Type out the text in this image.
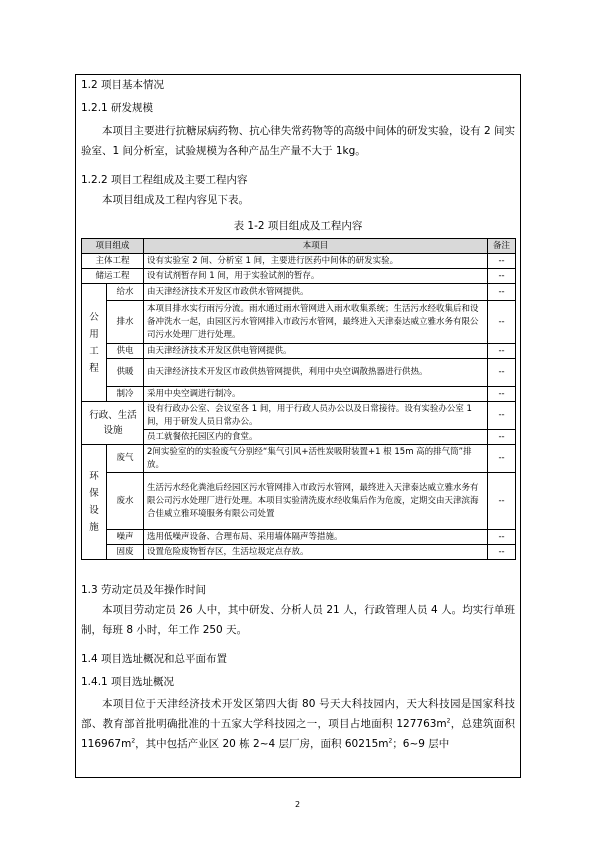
1.2 项目基本情况
1.2.1 研发规模
本项目主要进行抗糖尿病药物、抗心律失常药物等的高级中间体的研发实验，设有 2 间实验室、1 间分析室，试验规模为各种产品生产量不大于 1kg。
1.2.2 项目工程组成及主要工程内容
本项目组成及工程内容见下表。
表 1-2 项目组成及工程内容
项目组成		本项目	备注
主体工程		设有实验室 2 间、分析室 1 间，主要进行医药中间体的研发实验。	--
储运工程		设有试剂暂存间 1 间，用于实验试剂的暂存。	--
公用工程	给水	由天津经济技术开发区市政供水管网提供。	--
	排水	本项目排水实行雨污分流。雨水通过雨水管网进入雨水收集系统；生活污水经收集后和设备冲洗水一起，由园区污水管网排入市政污水管网，最终进入天津泰达威立雅水务有限公司污水处理厂进行处理。	--
	供电	由天津经济技术开发区供电管网提供。	--
	供暖	由天津经济技术开发区市政供热管网提供，利用中央空调散热器进行供热。	--
	制冷	采用中央空调进行制冷。	--
行政、生活设施		设有行政办公室、会议室各 1 间，用于行政人员办公以及日常接待。设有实验办公室 1 间，用于研发人员日常办公。	--
		员工就餐依托园区内的食堂。	--
环保设施	废气	2间实验室的的实验废气分别经“集气引风+活性炭吸附装置+1 根 15m 高的排气筒”排放。	--
	废水	生活污水经化粪池后经园区污水管网排入市政污水管网，最终进入天津泰达威立雅水务有限公司污水处理厂进行处理。本项目实验清洗废水经收集后作为危废，定期交由天津滨海合佳威立雅环境服务有限公司处置	--
	噪声	选用低噪声设备、合理布局、采用墙体隔声等措施。	--
	固废	设置危险废物暂存区，生活垃圾定点存放。	--
1.3 劳动定员及年操作时间
本项目劳动定员 26 人中，其中研发、分析人员 21 人，行政管理人员 4 人。均实行单班制，每班 8 小时，年工作 250 天。
1.4 项目选址概况和总平面布置
1.4.1 项目选址概况
本项目位于天津经济技术开发区第四大街 80 号天大科技园内，天大科技园是国家科技部、教育部首批明确批准的十五家大学科技园之一，项目占地面积 $127763m^2$，总建筑面积 $116967m^2$，其中包括产业区 20 栋 2~4 层厂房，面积 $60215m^2$；6~9 层中
2
